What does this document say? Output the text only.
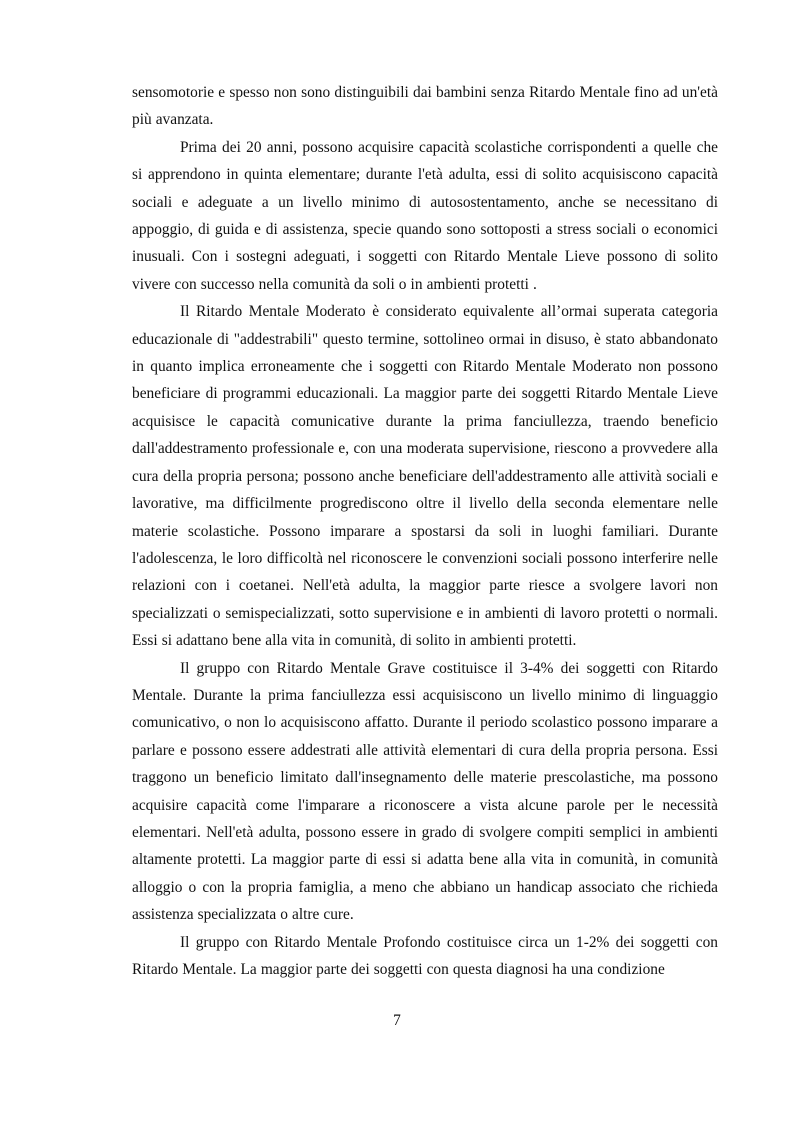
sensomotorie e spesso non sono distinguibili dai bambini senza Ritardo Mentale fino ad un'età più avanzata.

Prima dei 20 anni, possono acquisire capacità scolastiche corrispondenti a quelle che si apprendono in quinta elementare; durante l'età adulta, essi di solito acquisiscono capacità sociali e adeguate a un livello minimo di autosostentamento, anche se necessitano di appoggio, di guida e di assistenza, specie quando sono sottoposti a stress sociali o economici inusuali. Con i sostegni adeguati, i soggetti con Ritardo Mentale Lieve possono di solito vivere con successo nella comunità da soli o in ambienti protetti .

Il Ritardo Mentale Moderato è considerato equivalente all’ormai superata categoria educazionale di "addestrabili" questo termine, sottolineo ormai in disuso, è stato abbandonato in quanto implica erroneamente che i soggetti con Ritardo Mentale Moderato non possono beneficiare di programmi educazionali. La maggior parte dei soggetti Ritardo Mentale Lieve acquisisce le capacità comunicative durante la prima fanciullezza, traendo beneficio dall'addestramento professionale e, con una moderata supervisione, riescono a provvedere alla cura della propria persona; possono anche beneficiare dell'addestramento alle attività sociali e lavorative, ma difficilmente progrediscono oltre il livello della seconda elementare nelle materie scolastiche. Possono imparare a spostarsi da soli in luoghi familiari. Durante l'adolescenza, le loro difficoltà nel riconoscere le convenzioni sociali possono interferire nelle relazioni con i coetanei. Nell'età adulta, la maggior parte riesce a svolgere lavori non specializzati o semispecializzati, sotto supervisione e in ambienti di lavoro protetti o normali. Essi si adattano bene alla vita in comunità, di solito in ambienti protetti.

Il gruppo con Ritardo Mentale Grave costituisce il 3-4% dei soggetti con Ritardo Mentale. Durante la prima fanciullezza essi acquisiscono un livello minimo di linguaggio comunicativo, o non lo acquisiscono affatto. Durante il periodo scolastico possono imparare a parlare e possono essere addestrati alle attività elementari di cura della propria persona. Essi traggono un beneficio limitato dall'insegnamento delle materie prescolastiche, ma possono acquisire capacità come l'imparare a riconoscere a vista alcune parole per le necessità elementari. Nell'età adulta, possono essere in grado di svolgere compiti semplici in ambienti altamente protetti. La maggior parte di essi si adatta bene alla vita in comunità, in comunità alloggio o con la propria famiglia, a meno che abbiano un handicap associato che richieda assistenza specializzata o altre cure.

Il gruppo con Ritardo Mentale Profondo costituisce circa un 1-2% dei soggetti con Ritardo Mentale. La maggior parte dei soggetti con questa diagnosi ha una condizione

7
